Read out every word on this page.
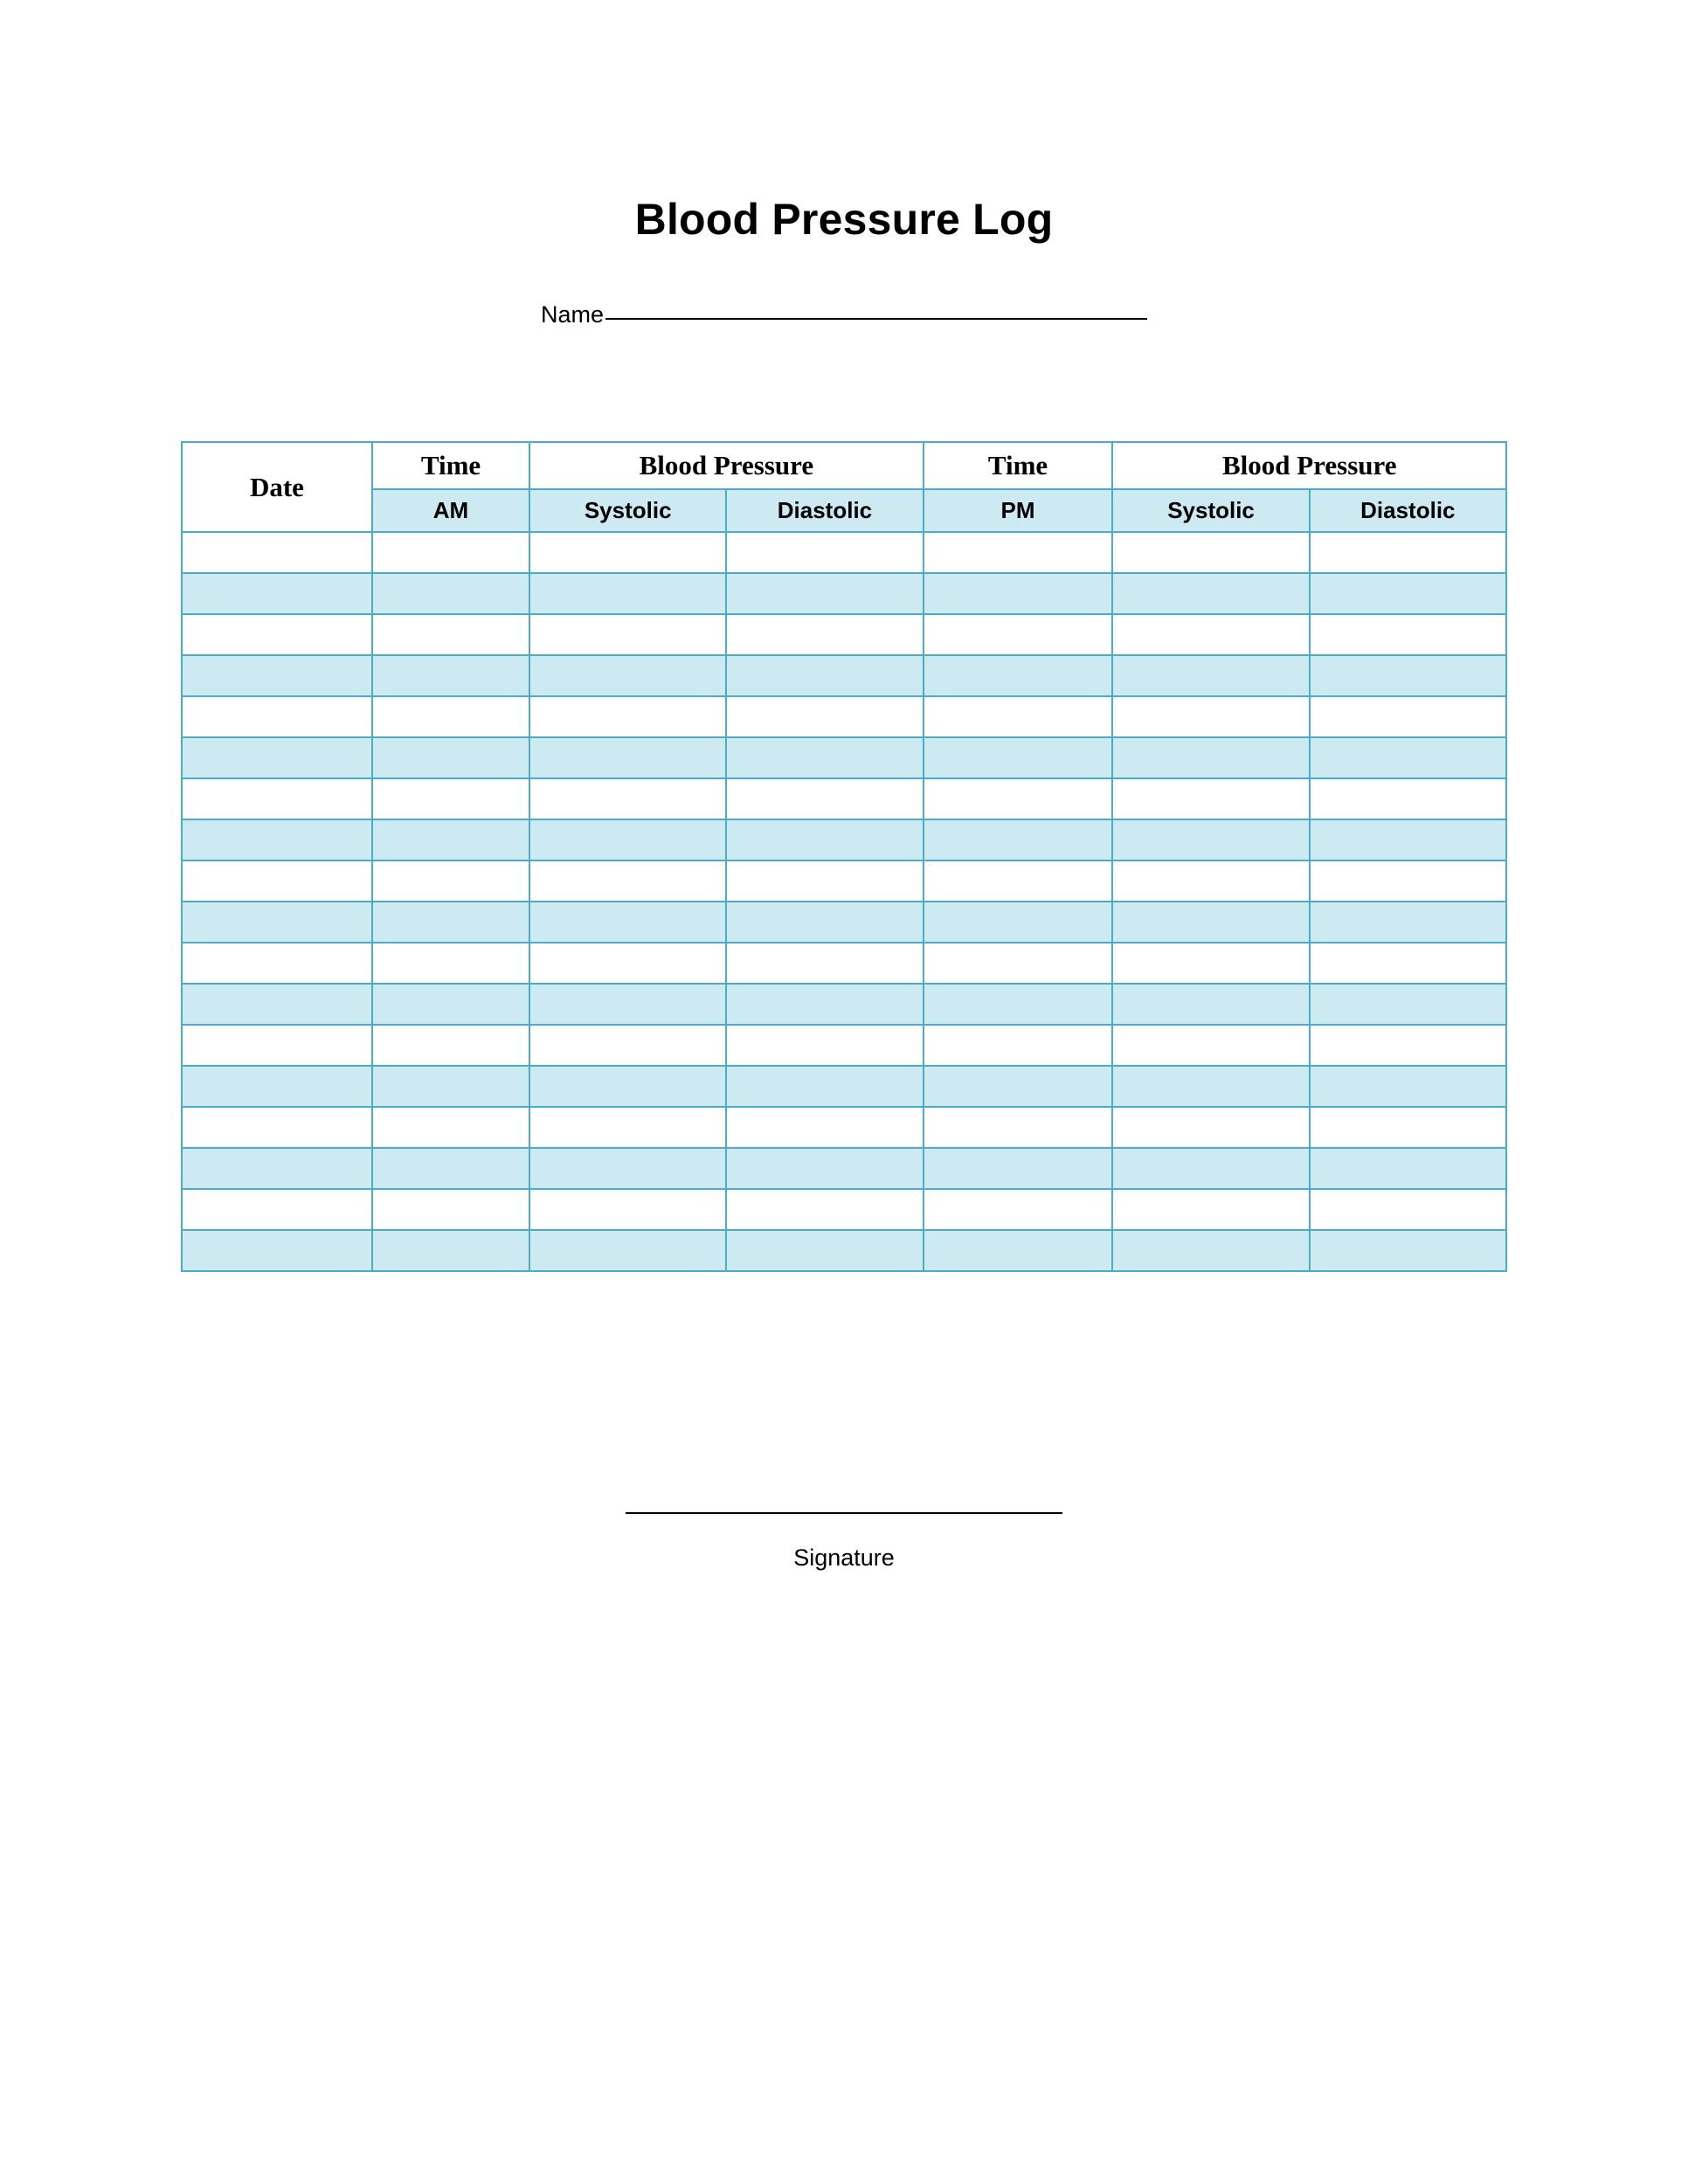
Blood Pressure Log
Name
Date	Time	Blood Pressure		Time	Blood Pressure	
	AM	Systolic	Diastolic	PM	Systolic	Diastolic

Signature
